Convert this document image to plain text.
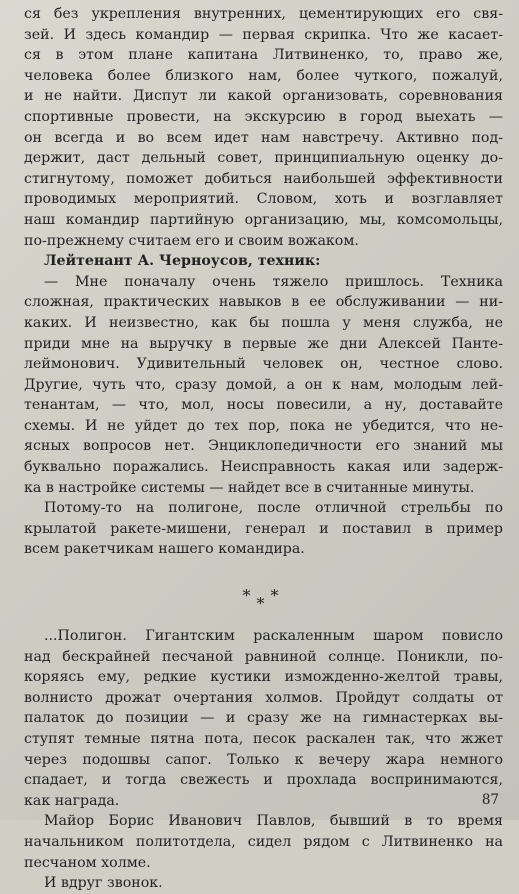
ся без укрепления внутренних, цементирующих его свя-
зей. И здесь командир — первая скрипка. Что же касает-
ся в этом плане капитана Литвиненко, то, право же,
человека более близкого нам, более чуткого, пожалуй,
и не найти. Диспут ли какой организовать, соревнования
спортивные провести, на экскурсию в город выехать —
он всегда и во всем идет нам навстречу. Активно под-
держит, даст дельный совет, принципиальную оценку до-
стигнутому, поможет добиться наибольшей эффективности
проводимых мероприятий. Словом, хоть и возглавляет
наш командир партийную организацию, мы, комсомольцы,
по-прежнему считаем его и своим вожаком.
Лейтенант А. Черноусов, техник:
— Мне поначалу очень тяжело пришлось. Техника
сложная, практических навыков в ее обслуживании — ни-
каких. И неизвестно, как бы пошла у меня служба, не
приди мне на выручку в первые же дни Алексей Панте-
леймонович. Удивительный человек он, честное слово.
Другие, чуть что, сразу домой, а он к нам, молодым лей-
тенантам, — что, мол, носы повесили, а ну, доставайте
схемы. И не уйдет до тех пор, пока не убедится, что не-
ясных вопросов нет. Энциклопедичности его знаний мы
буквально поражались. Неисправность какая или задерж-
ка в настройке системы — найдет все в считанные минуты.
Потому-то на полигоне, после отличной стрельбы по
крылатой ракете-мишени, генерал и поставил в пример
всем ракетчикам нашего командира.
***
...Полигон. Гигантским раскаленным шаром повисло
над бескрайней песчаной равниной солнце. Поникли, по-
коряясь ему, редкие кустики изможденно-желтой травы,
волнисто дрожат очертания холмов. Пройдут солдаты от
палаток до позиции — и сразу же на гимнастерках вы-
ступят темные пятна пота, песок раскален так, что жжет
через подошвы сапог. Только к вечеру жара немного
спадает, и тогда свежесть и прохлада воспринимаются,
как награда.
Майор Борис Иванович Павлов, бывший в то время
начальником политотдела, сидел рядом с Литвиненко на
песчаном холме.
И вдруг звонок.
87
